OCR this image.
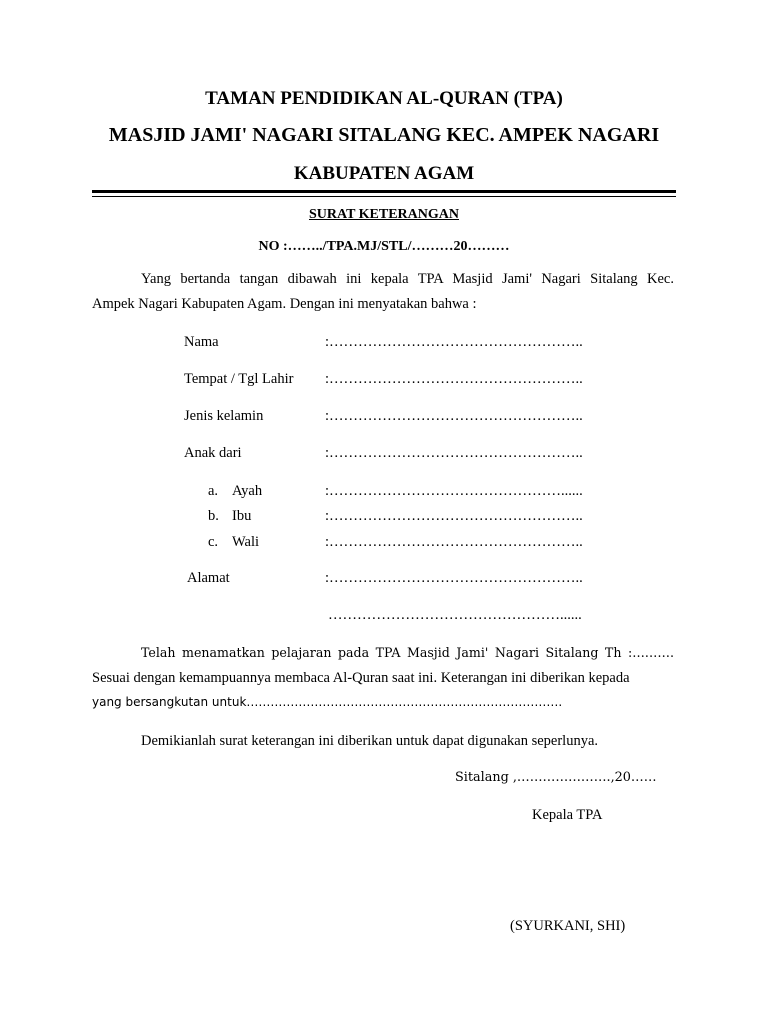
TAMAN PENDIDIKAN AL-QURAN (TPA)
MASJID JAMI' NAGARI SITALANG KEC. AMPEK NAGARI
KABUPATEN AGAM
SURAT KETERANGAN
NO :……../TPA.MJ/STL/………20………
Yang bertanda tangan dibawah ini kepala TPA Masjid Jami' Nagari Sitalang Kec.
Ampek Nagari Kabupaten Agam. Dengan ini menyatakan bahwa :
Nama	:……………………………………………..
Tempat / Tgl Lahir :……………………………………………..
Jenis kelamin	:……………………………………………..
Anak dari	:……………………………………………..
a. Ayah	:…………………………………………......
b. Ibu	:……………………………………………..
c. Wali	:……………………………………………..
Alamat	:……………………………………………..
…………………………………………......
Telah menamatkan pelajaran pada TPA Masjid Jami' Nagari Sitalang Th :……….
Sesuai dengan kemampuannya membaca Al-Quran saat ini. Keterangan ini diberikan kepada
yang bersangkutan untuk…………………………………………………………………….
Demikianlah surat keterangan ini diberikan untuk dapat digunakan seperlunya.
Sitalang ,………………….,20……
Kepala TPA
(SYURKANI, SHI)
